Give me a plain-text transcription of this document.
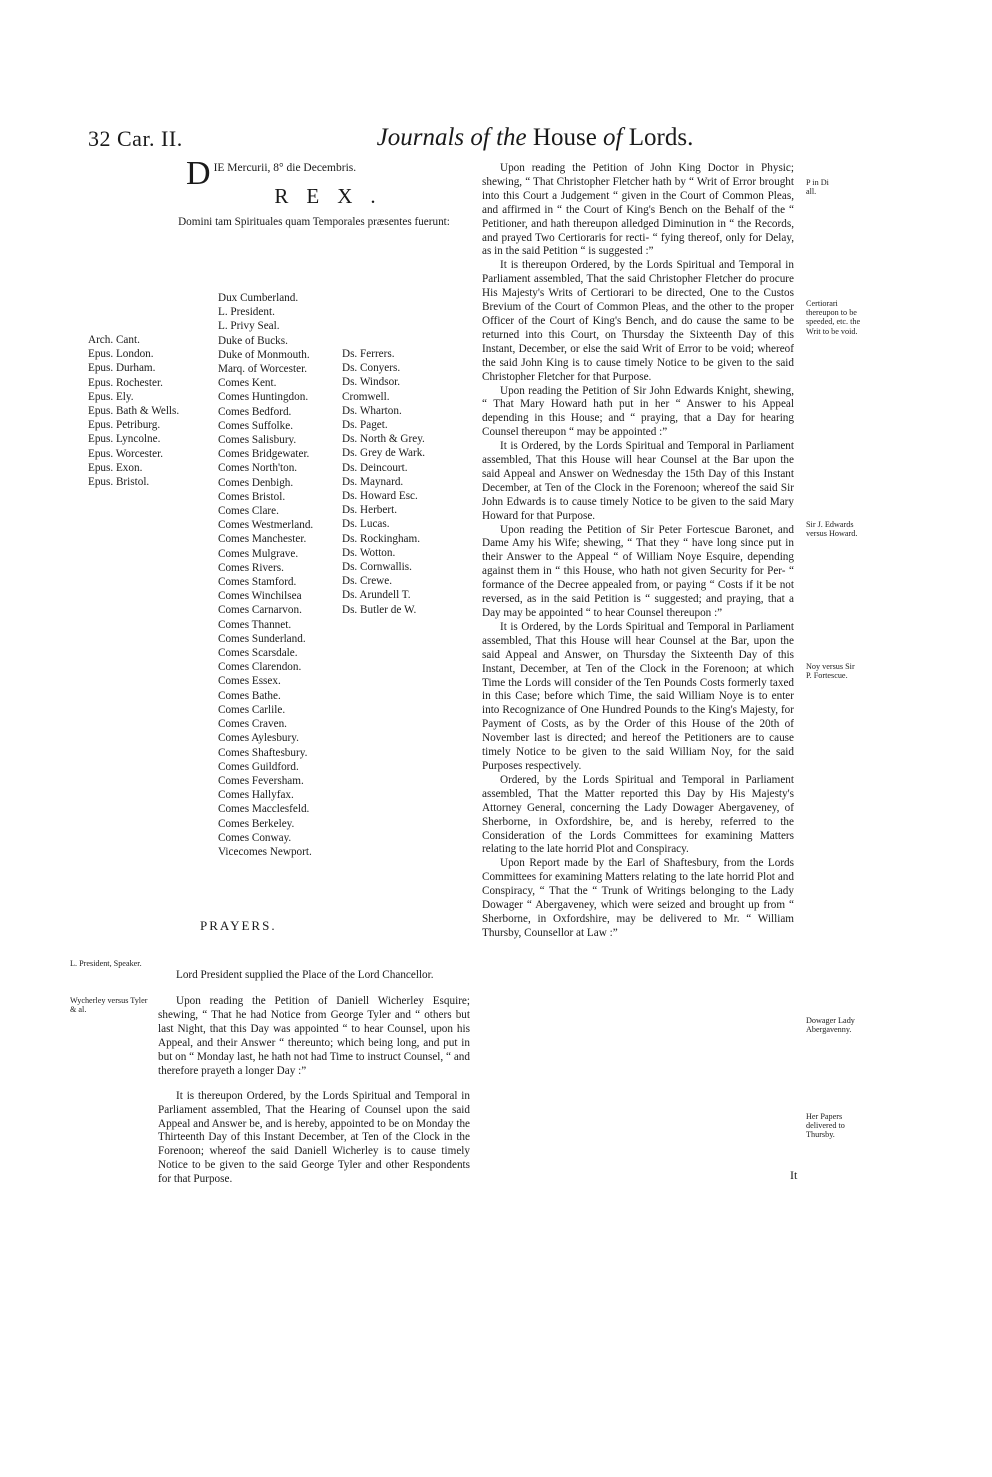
32 Car. II.	Journals of the House of Lords.
D IE Mercurii, 8° die Decembris.
REX.
Domini tam Spirituales quam Temporales præsentes fuerunt:
Arch. Cant.
Epus. London.
Epus. Durham.
Epus. Rochester.
Epus. Ely.
Epus. Bath & Wells.
Epus. Petriburg.
Epus. Lyncolne.
Epus. Worcester.
Epus. Exon.
Epus. Bristol.
Dux Cumberland.
L. President.
L. Privy Seal.
Duke of Bucks.
Duke of Monmouth.
Marq. of Worcester.
Comes Kent.
Comes Huntingdon.
Comes Bedford.
Comes Suffolke.
Comes Salisbury.
Comes Bridgewater.
Comes North'ton.
Comes Denbigh.
Comes Bristol.
Comes Clare.
Comes Westmerland.
Comes Manchester.
Comes Mulgrave.
Comes Rivers.
Comes Stamford.
Comes Winchilsea
Comes Carnarvon.
Comes Thannet.
Comes Sunderland.
Comes Scarsdale.
Comes Clarendon.
Comes Essex.
Comes Bathe.
Comes Carlile.
Comes Craven.
Comes Aylesbury.
Comes Shaftesbury.
Comes Guildford.
Comes Feversham.
Comes Hallyfax.
Comes Macclesfeld.
Comes Berkeley.
Comes Conway.
Vicecomes Newport.
Ds. Ferrers.
Ds. Conyers.
Ds. Windsor.
Cromwell.
Ds. Wharton.
Ds. Paget.
Ds. North & Grey.
Ds. Grey de Wark.
Ds. Deincourt.
Ds. Maynard.
Ds. Howard Esc.
Ds. Herbert.
Ds. Lucas.
Ds. Rockingham.
Ds. Wotton.
Ds. Cornwallis.
Ds. Crewe.
Ds. Arundell T.
Ds. Butler de W.
PRAYERS.
L. President, Speaker.
Wycherley versus Tyler & al.

Lord President supplied the Place of the Lord Chancellor.

Upon reading the Petition of Daniell Wicherley Esquire; shewing, “ That he had Notice from George Tyler and “ others but last Night, that this Day was appointed “ to hear Counsel, upon his Appeal, and their Answer “ thereunto; which being long, and put in but on “ Monday last, he hath not had Time to instruct Counsel, “ and therefore prayeth a longer Day :”

It is thereupon Ordered, by the Lords Spiritual and Temporal in Parliament assembled, That the Hearing of Counsel upon the said Appeal and Answer be, and is hereby, appointed to be on Monday the Thirteenth Day of this Instant December, at Ten of the Clock in the Forenoon; whereof the said Daniell Wicherley is to cause timely Notice to be given to the said George Tyler and other Respondents for that Purpose.

Upon reading the Petition of John King Doctor in Physic; shewing, “ That Christopher Fletcher hath by “ Writ of Error brought into this Court a Judgement “ given in the Court of Common Pleas, and affirmed in “ the Court of King's Bench on the Behalf of the “ Petitioner, and hath thereupon alledged Diminution in “ the Records, and prayed Two Certioraris for recti- “ fying thereof, only for Delay, as in the said Petition “ is suggested :”

It is thereupon Ordered, by the Lords Spiritual and Temporal in Parliament assembled, That the said Christopher Fletcher do procure His Majesty's Writs of Certiorari to be directed, One to the Custos Brevium of the Court of Common Pleas, and the other to the proper Officer of the Court of King's Bench, and do cause the same to be returned into this Court, on Thursday the Sixteenth Day of this Instant, December, or else the said Writ of Error to be void; whereof the said John King is to cause timely Notice to be given to the said Christopher Fletcher for that Purpose.

Upon reading the Petition of Sir John Edwards Knight, shewing, “ That Mary Howard hath put in her “ Answer to his Appeal depending in this House; and “ praying, that a Day for hearing Counsel thereupon “ may be appointed :”

It is Ordered, by the Lords Spiritual and Temporal in Parliament assembled, That this House will hear Counsel at the Bar upon the said Appeal and Answer on Wednesday the 15th Day of this Instant December, at Ten of the Clock in the Forenoon; whereof the said Sir John Edwards is to cause timely Notice to be given to the said Mary Howard for that Purpose.

Upon reading the Petition of Sir Peter Fortescue Baronet, and Dame Amy his Wife; shewing, “ That they “ have long since put in their Answer to the Appeal “ of William Noye Esquire, depending against them in “ this House, who hath not given Security for Per- “ formance of the Decree appealed from, or paying “ Costs if it be not reversed, as in the said Petition is “ suggested; and praying, that a Day may be appointed “ to hear Counsel thereupon :”

It is Ordered, by the Lords Spiritual and Temporal in Parliament assembled, That this House will hear Counsel at the Bar, upon the said Appeal and Answer, on Thursday the Sixteenth Day of this Instant, December, at Ten of the Clock in the Forenoon; at which Time the Lords will consider of the Ten Pounds Costs formerly taxed in this Case; before which Time, the said William Noye is to enter into Recognizance of One Hundred Pounds to the King's Majesty, for Payment of Costs, as by the Order of this House of the 20th of November last is directed; and hereof the Petitioners are to cause timely Notice to be given to the said William Noy, for the said Purposes respectively.

Ordered, by the Lords Spiritual and Temporal in Parliament assembled, That the Matter reported this Day by His Majesty's Attorney General, concerning the Lady Dowager Abergaveney, of Sherborne, in Oxfordshire, be, and is hereby, referred to the Consideration of the Lords Committees for examining Matters relating to the late horrid Plot and Conspiracy.

Upon Report made by the Earl of Shaftesbury, from the Lords Committees for examining Matters relating to the late horrid Plot and Conspiracy, “ That the “ Trunk of Writings belonging to the Lady Dowager “ Abergaveney, which were seized and brought up from “ Sherborne, in Oxfordshire, may be delivered to Mr. “ William Thursby, Counsellor at Law :”

P in Di all.
Certiorari thereupon to be speeded, etc. the Writ to be void.
Sir J. Edwards versus Howard.
Noy versus Sir P. Fortescue.
Dowager Lady Abergavenny.
Her Papers delivered to Thursby.
It
